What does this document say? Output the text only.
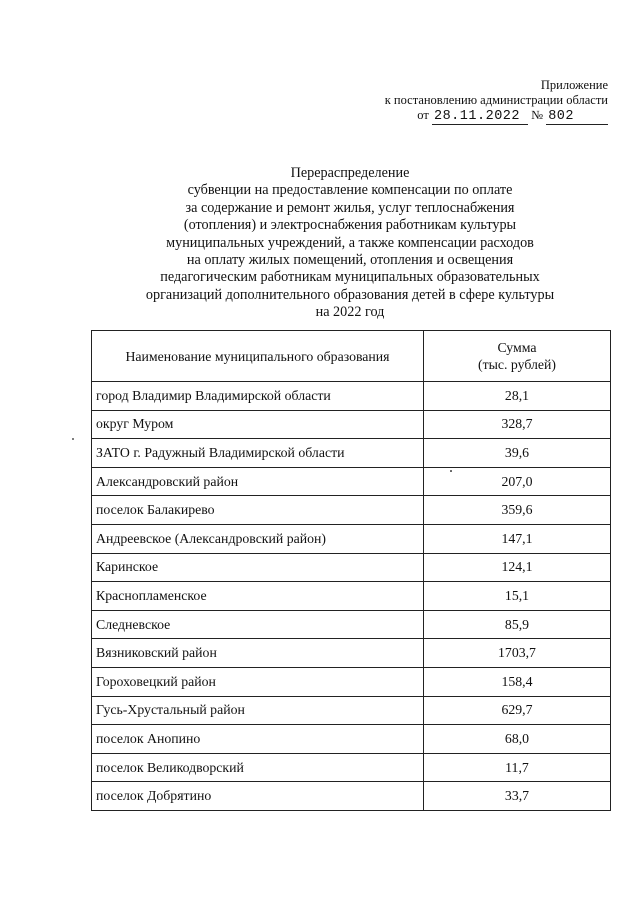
Приложение
к постановлению администрации области
от 28.11.2022 № 802
Перераспределение
субвенции на предоставление компенсации по оплате
за содержание и ремонт жилья, услуг теплоснабжения
(отопления) и электроснабжения работникам культуры
муниципальных учреждений, а также компенсации расходов
на оплату жилых помещений, отопления и освещения
педагогическим работникам муниципальных образовательных
организаций дополнительного образования детей в сфере культуры
на 2022 год
Наименование муниципального образования	Сумма
(тыс. рублей)
город Владимир Владимирской области	28,1
округ Муром	328,7
ЗАТО г. Радужный Владимирской области	39,6
Александровский район	207,0
поселок Балакирево	359,6
Андреевское (Александровский район)	147,1
Каринское	124,1
Краснопламенское	15,1
Следневское	85,9
Вязниковский район	1703,7
Гороховецкий район	158,4
Гусь-Хрустальный район	629,7
поселок Анопино	68,0
поселок Великодворский	11,7
поселок Добрятино	33,7
